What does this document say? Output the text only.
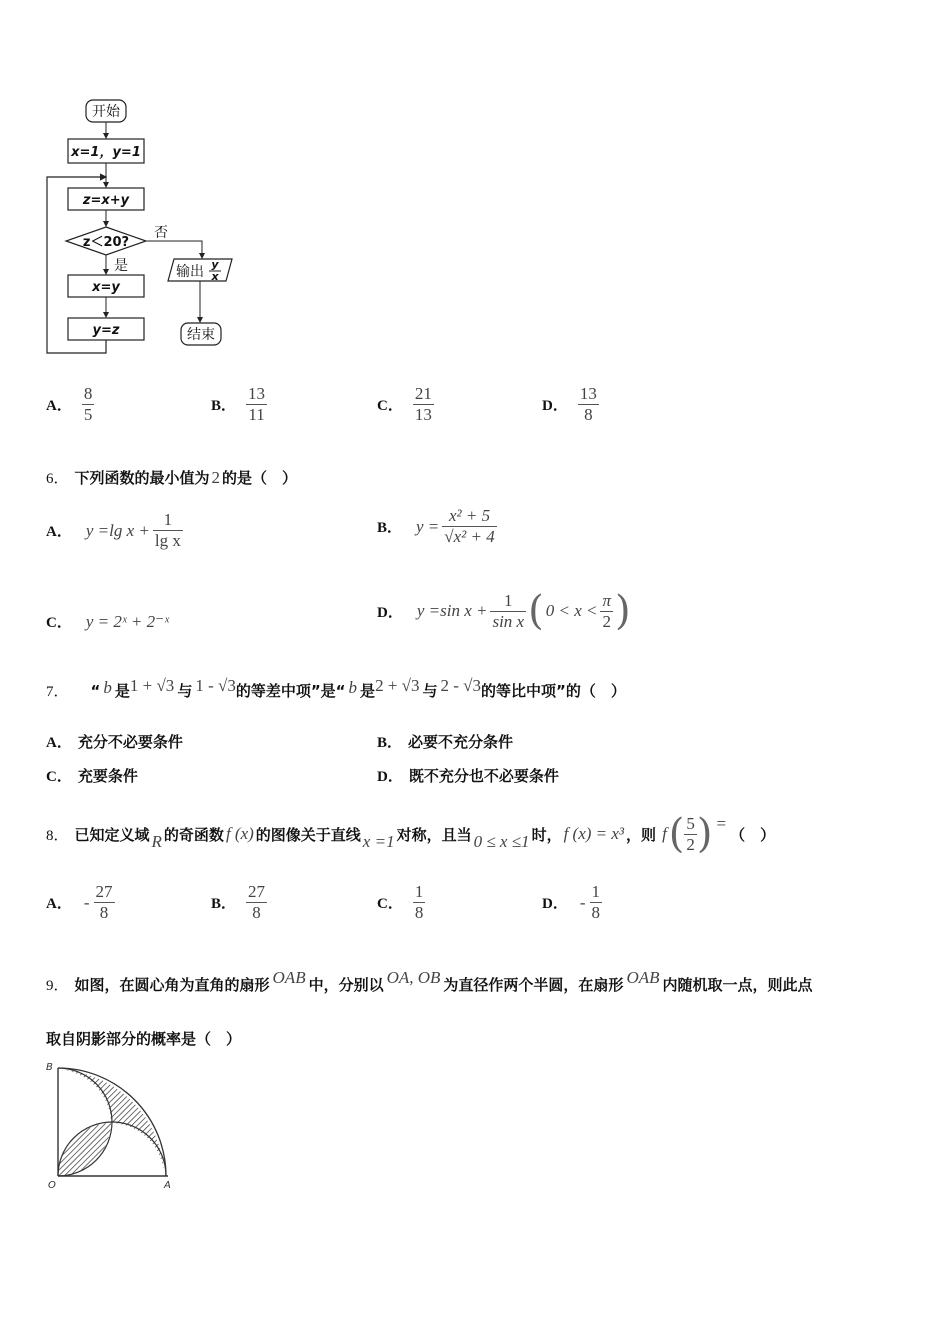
开始
x=1，y=1
z=x+y
z＜20?
否
输出 y
x
结束
是
x=y
y=z
A． $\frac{8}{5}$	B． $\frac{13}{11}$	C． $\frac{21}{13}$	D． $\frac{13}{8}$
6． 下列函数的最小值为 2 的是（　）
A． y =lg $x + \frac{1}{\text{lg x}}$	B． $y = \frac{\text{x² + 5}}{\text{√x² + 4}}$
C． y = 2ˣ + 2⁻ˣ	D． y =sin $x + \frac{1}{\text{sin x}}$ ( $0 < x < \frac{\pi}{2}$ )
7． “ b 是 1 + √3 与 1 - √3 的等差中项”是“ b 是 2 + √3 与 2 - √3 的等比中项”的（　）
A． 充分不必要条件	B． 必要不充分条件
C． 充要条件	D． 既不充分也不必要条件
8． 已知定义域 R 的奇函数 f (x) 的图像关于直线 x =1 对称，且当 0 ≤ x ≤1 时， f (x) = x³ ，则 f ( $\frac{5}{2}$ ) =
（　）
A． - $\frac{27}{8}$	B． $\frac{27}{8}$	C． $\frac{1}{8}$	D． - $\frac{1}{8}$
9． 如图，在圆心角为直角的扇形 OAB 中，分别以 OA, OB 为直径作两个半圆，在扇形 OAB 内随机取一点，则此点
取自阴影部分的概率是（　）
B
O	A
